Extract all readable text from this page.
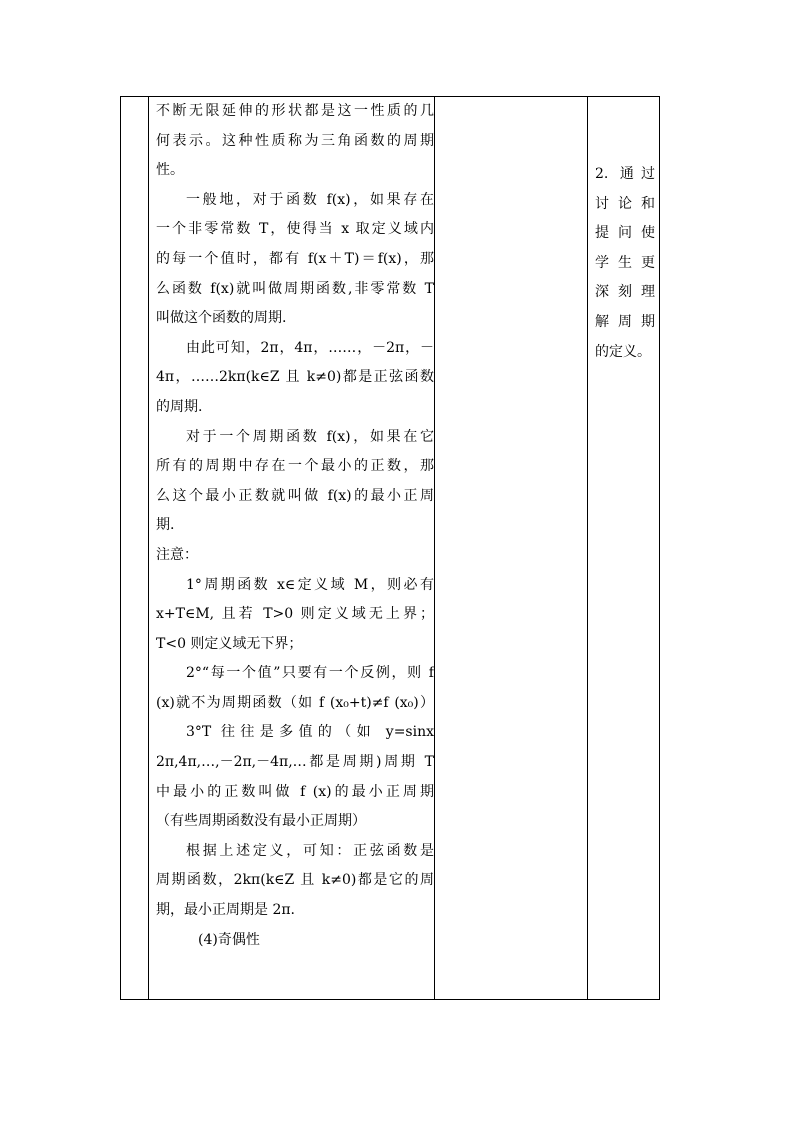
不断无限延伸的形状都是这一性质的几
何表示。这种性质称为三角函数的周期
性。
一般地，对于函数 f(x)，如果存在
一个非零常数 T，使得当 x 取定义域内
的每一个值时，都有 f(x＋T)＝f(x)，那
么函数 f(x)就叫做周期函数,非零常数 T
叫做这个函数的周期.
由此可知，2π，4π，……，－2π，－
4π，……2kπ(k∈Z 且 k≠0)都是正弦函数
的周期.
对于一个周期函数 f(x)，如果在它
所有的周期中存在一个最小的正数，那
么这个最小正数就叫做 f(x)的最小正周
期.
注意：
1°周期函数 x∈定义域 M，则必有
x+T∈M, 且若 T>0 则定义域无上界；
T<0 则定义域无下界；
2°“每一个值”只要有一个反例，则 f
(x)就不为周期函数（如 f (x₀+t)≠f (x₀)）
3°T 往往是多值的（如 y=sinx
2π,4π,…,－2π,－4π,…都是周期)周期 T
中最小的正数叫做 f (x)的最小正周期
（有些周期函数没有最小正周期）
根据上述定义，可知：正弦函数是
周期函数，2kπ(k∈Z 且 k≠0)都是它的周
期，最小正周期是 2π.
(4)奇偶性
2. 通过
讨论和
提问使
学生更
深刻理
解周期
的定义。
